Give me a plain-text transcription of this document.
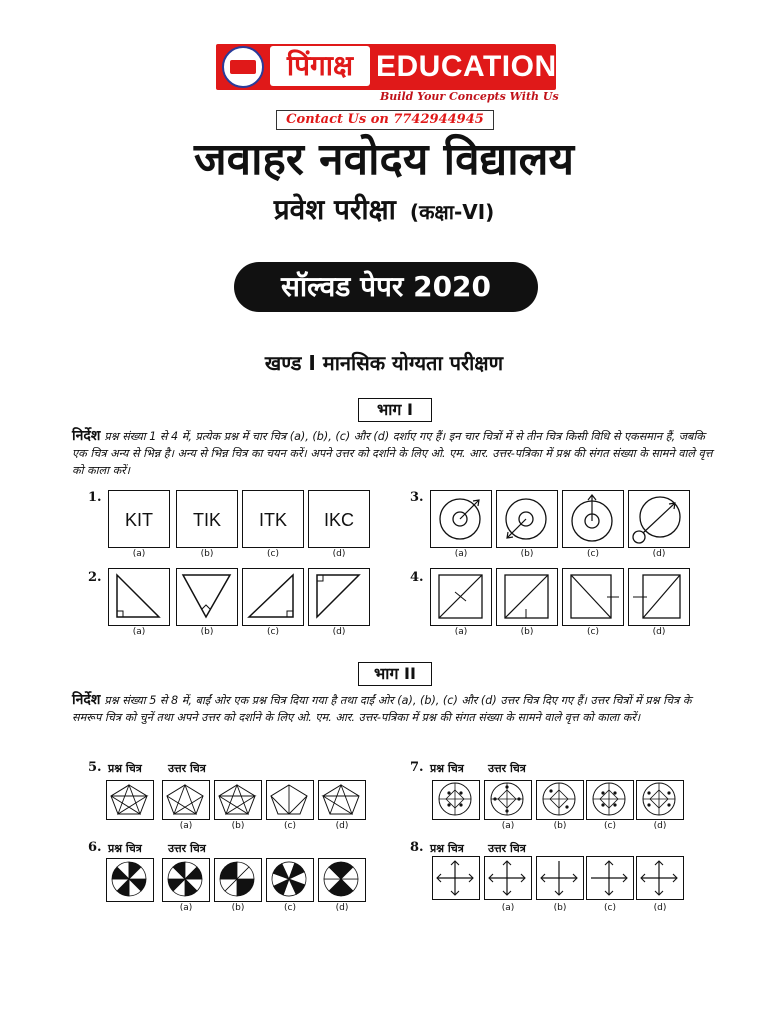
पिंगाक्ष EDUCATION
Build Your Concepts With Us
Contact Us on 7742944945
जवाहर नवोदय विद्यालय
प्रवेश परीक्षा (कक्षा-VI)
सॉल्वड पेपर 2020
खण्ड I मानसिक योग्यता परीक्षण
भाग I
निर्देश प्रश्न संख्या 1 से 4 में, प्रत्येक प्रश्न में चार चित्र (a), (b), (c) और (d) दर्शाए गए हैं। इन चार चित्रों में से तीन चित्र किसी विधि से एकसमान हैं, जबकि एक चित्र अन्य से भिन्न है। अन्य से भिन्न चित्र का चयन करें। अपने उत्तर को दर्शाने के लिए ओ. एम. आर. उत्तर-पत्रिका में प्रश्न की संगत संख्या के सामने वाले वृत्त को काला करें।
1.
KIT	TIK	ITK	IKC
(a)	(b)	(c)	(d)
2.
(a)	(b)	(c)	(d)
3.
(a)	(b)	(c)	(d)
4.
(a)	(b)	(c)	(d)
भाग II
निर्देश प्रश्न संख्या 5 से 8 में, बाईं ओर एक प्रश्न चित्र दिया गया है तथा दाईं ओर (a), (b), (c) और (d) उत्तर चित्र दिए गए हैं। उत्तर चित्रों में प्रश्न चित्र के समरूप चित्र को चुनें तथा अपने उत्तर को दर्शाने के लिए ओ. एम. आर. उत्तर-पत्रिका में प्रश्न की संगत संख्या के सामने वाले वृत्त को काला करें।
5. प्रश्न चित्र उत्तर चित्र
(a)	(b)	(c)	(d)
6. प्रश्न चित्र उत्तर चित्र
(a)	(b)	(c)	(d)
7. प्रश्न चित्र उत्तर चित्र
(a)	(b)	(c)	(d)
8. प्रश्न चित्र उत्तर चित्र
(a)	(b)	(c)	(d)
